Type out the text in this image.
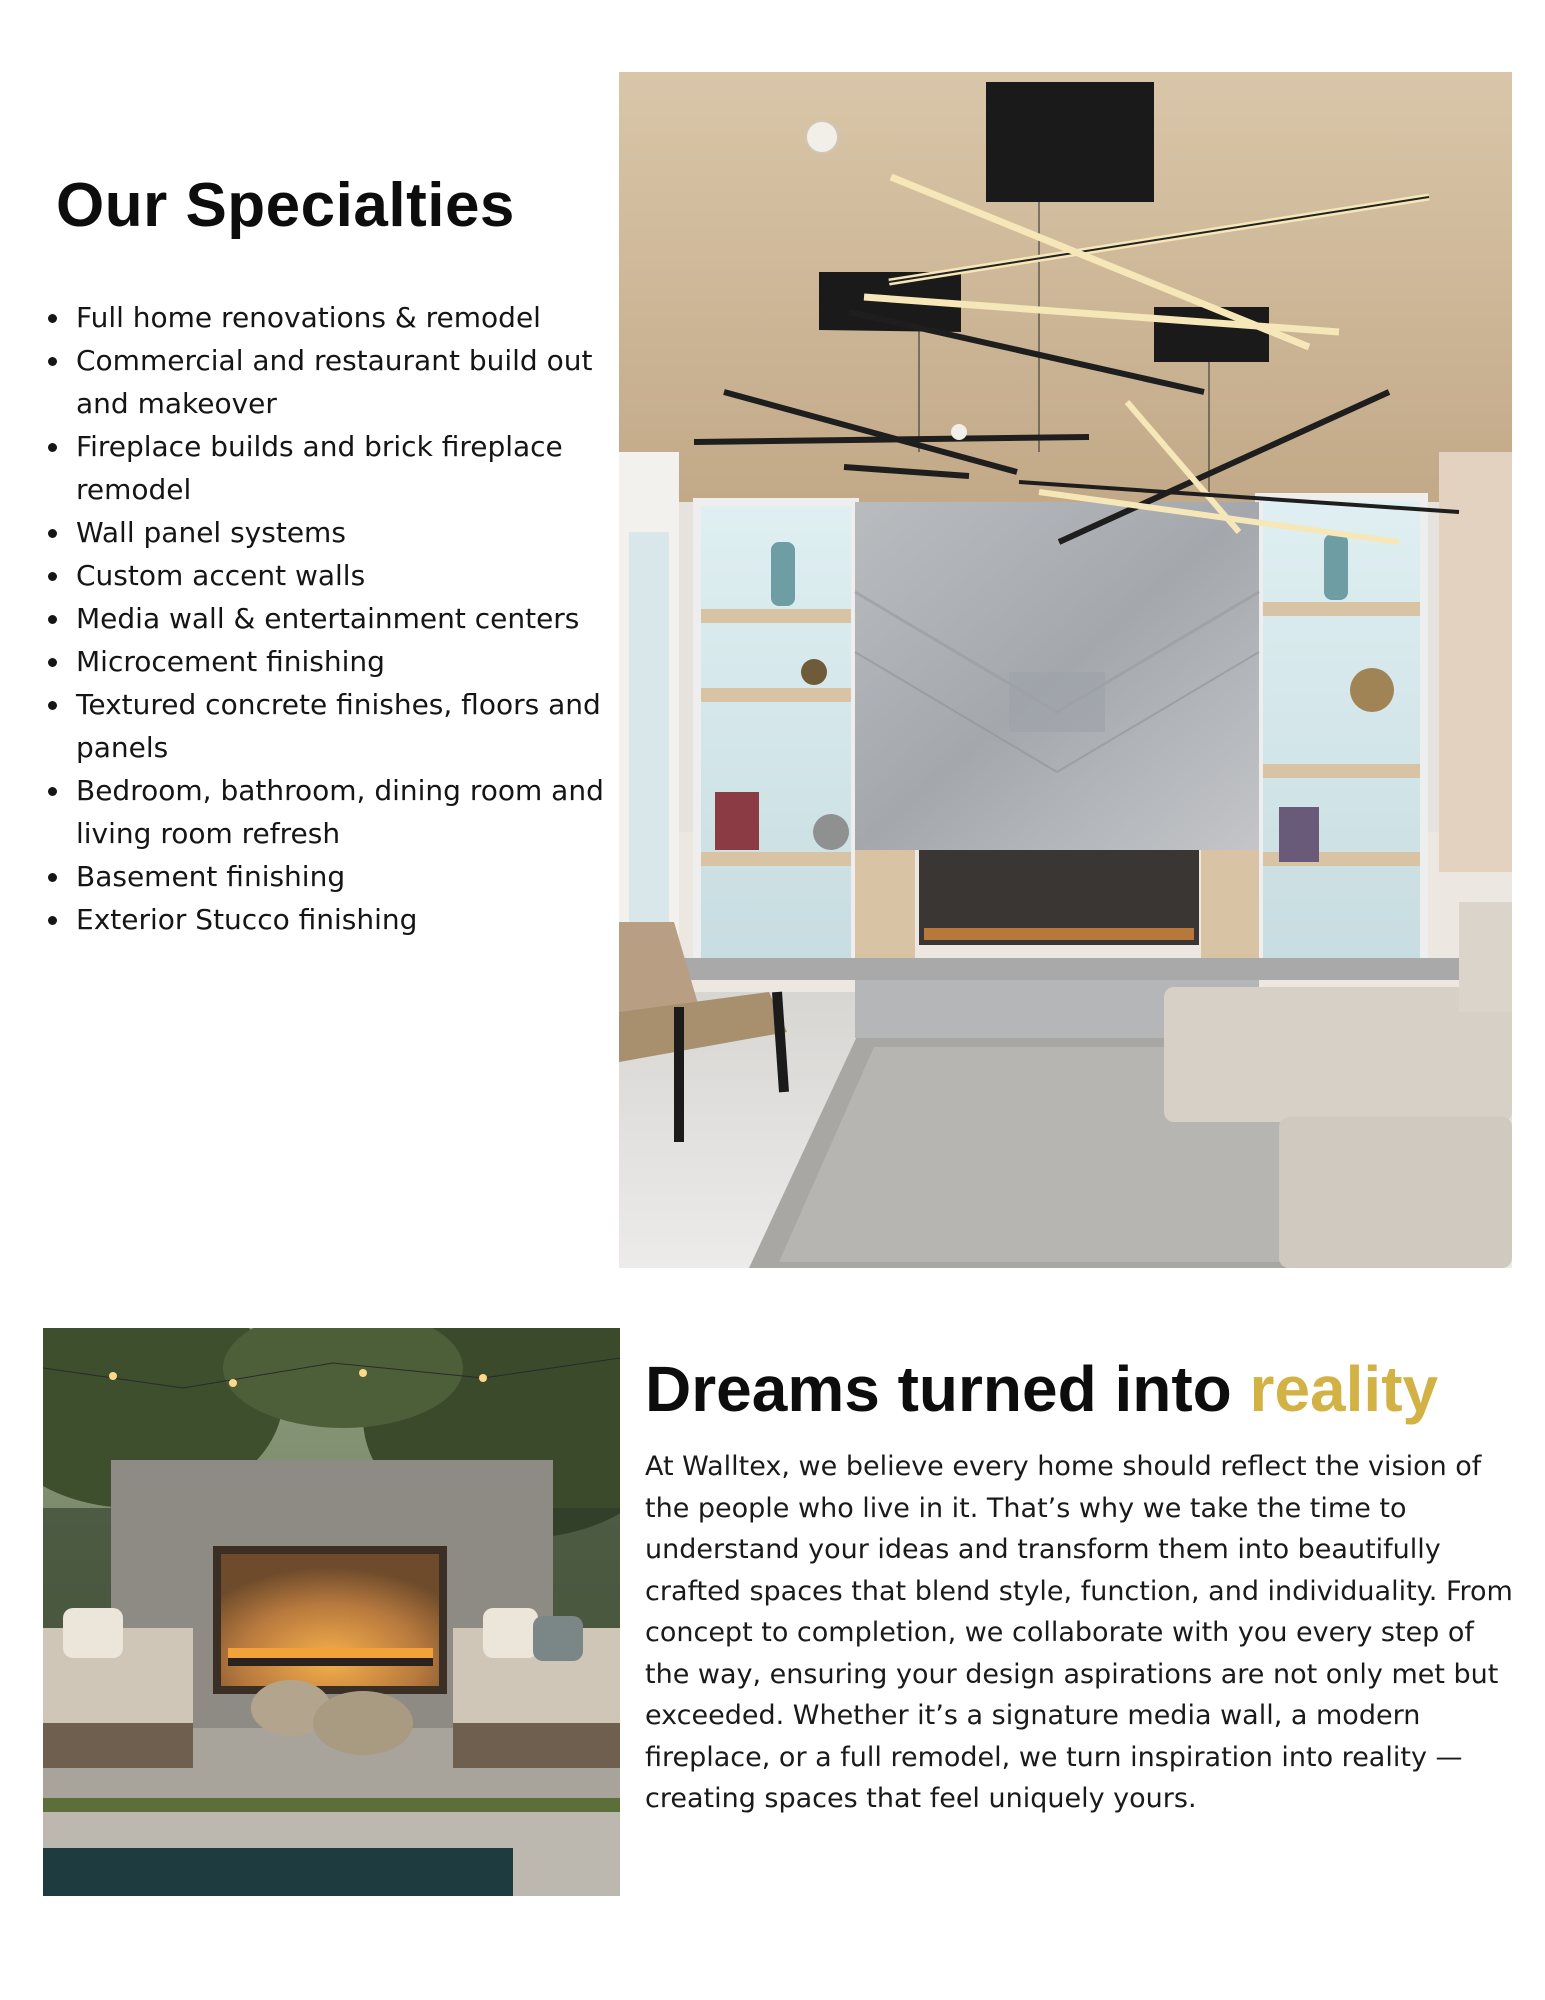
Our Specialties
• Full home renovations & remodel
• Commercial and restaurant build out and makeover
• Fireplace builds and brick fireplace remodel
• Wall panel systems
• Custom accent walls
• Media wall & entertainment centers
• Microcement finishing
• Textured concrete finishes, floors and panels
• Bedroom, bathroom, dining room and living room refresh
• Basement finishing
• Exterior Stucco finishing
Dreams turned into reality

At Walltex, we believe every home should reflect the vision of the people who live in it. That’s why we take the time to understand your ideas and transform them into beautifully crafted spaces that blend style, function, and individuality. From concept to completion, we collaborate with you every step of the way, ensuring your design aspirations are not only met but exceeded. Whether it’s a signature media wall, a modern fireplace, or a full remodel, we turn inspiration into reality — creating spaces that feel uniquely yours.
